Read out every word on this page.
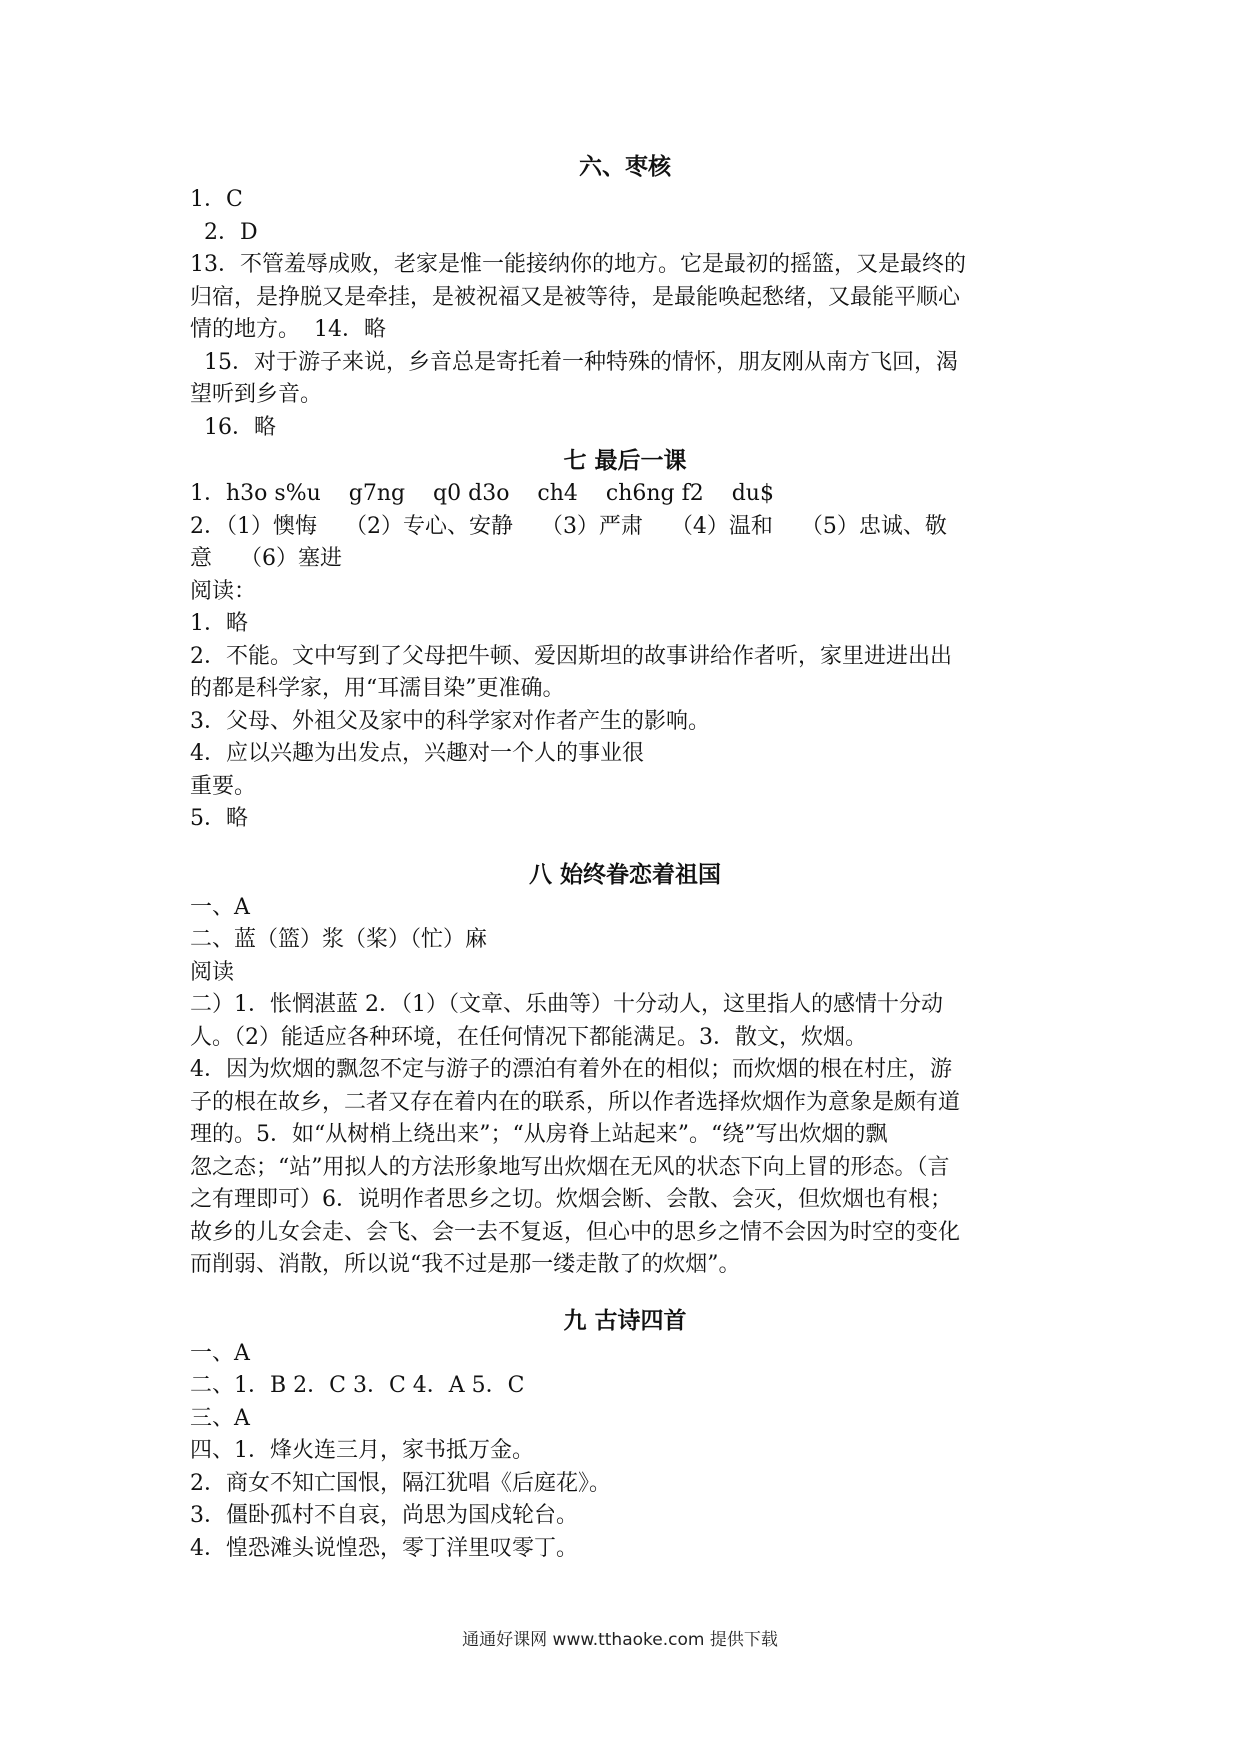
六、枣核
1．C
2．D
13．不管羞辱成败，老家是惟一能接纳你的地方。它是最初的摇篮，又是最终的
归宿，是挣脱又是牵挂，是被祝福又是被等待，是最能唤起愁绪，又最能平顺心
情的地方。  14．略
15．对于游子来说，乡音总是寄托着一种特殊的情怀，朋友刚从南方飞回，渴
望听到乡音。
16．略
七 最后一课
1．h3o s%u    g7ng    q0 d3o    ch4    ch6ng f2    du$
2．（1）懊悔    （2）专心、安静    （3）严肃    （4）温和    （5）忠诚、敬
意    （6）塞进
阅读：
1．略
2．不能。文中写到了父母把牛顿、爱因斯坦的故事讲给作者听，家里进进出出
的都是科学家，用“耳濡目染”更准确。
3．父母、外祖父及家中的科学家对作者产生的影响。
4．应以兴趣为出发点，兴趣对一个人的事业很
重要。
5．略
八 始终眷恋着祖国
一、A
二、蓝（篮）浆（桨）（忙）麻
阅读
二）1．怅惘湛蓝 2．（1）（文章、乐曲等）十分动人，这里指人的感情十分动
人。（2）能适应各种环境，在任何情况下都能满足。3．散文，炊烟。
4．因为炊烟的飘忽不定与游子的漂泊有着外在的相似；而炊烟的根在村庄，游
子的根在故乡，二者又存在着内在的联系，所以作者选择炊烟作为意象是颇有道
理的。5．如“从树梢上绕出来”；“从房脊上站起来”。“绕”写出炊烟的飘
忽之态；“站”用拟人的方法形象地写出炊烟在无风的状态下向上冒的形态。（言
之有理即可）6．说明作者思乡之切。炊烟会断、会散、会灭，但炊烟也有根；
故乡的儿女会走、会飞、会一去不复返，但心中的思乡之情不会因为时空的变化
而削弱、消散，所以说“我不过是那一缕走散了的炊烟”。
九 古诗四首
一、A
二、1．B 2．C 3．C 4．A 5．C
三、A
四、1．烽火连三月，家书抵万金。
2．商女不知亡国恨，隔江犹唱《后庭花》。
3．僵卧孤村不自哀，尚思为国戍轮台。
4．惶恐滩头说惶恐，零丁洋里叹零丁。
通通好课网 www.tthaoke.com 提供下载
